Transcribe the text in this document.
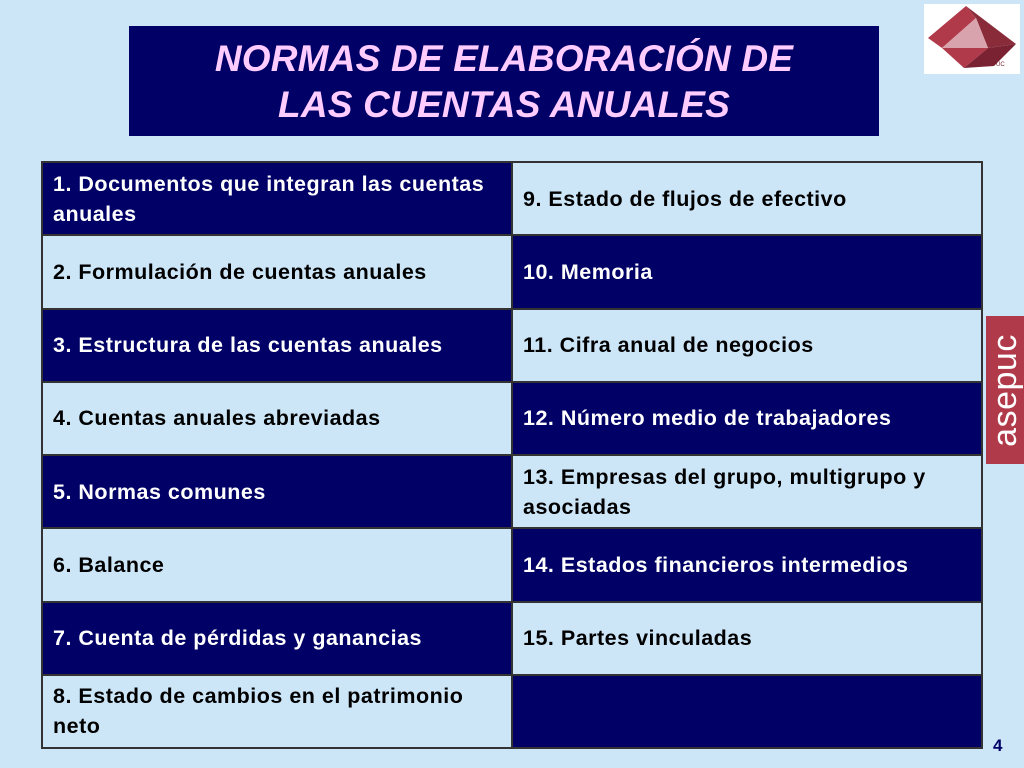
NORMAS DE ELABORACIÓN DE
LAS CUENTAS ANUALES
ASEPUC
asepuc
1. Documentos que integran las cuentas anuales	9. Estado de flujos de efectivo
2. Formulación de cuentas anuales	10. Memoria
3. Estructura de las cuentas anuales	11. Cifra anual de negocios
4. Cuentas anuales abreviadas	12. Número medio de trabajadores
5. Normas comunes	13. Empresas del grupo, multigrupo y asociadas
6. Balance	14. Estados financieros intermedios
7. Cuenta de pérdidas y ganancias	15. Partes vinculadas
8. Estado de cambios en el patrimonio neto	
4
